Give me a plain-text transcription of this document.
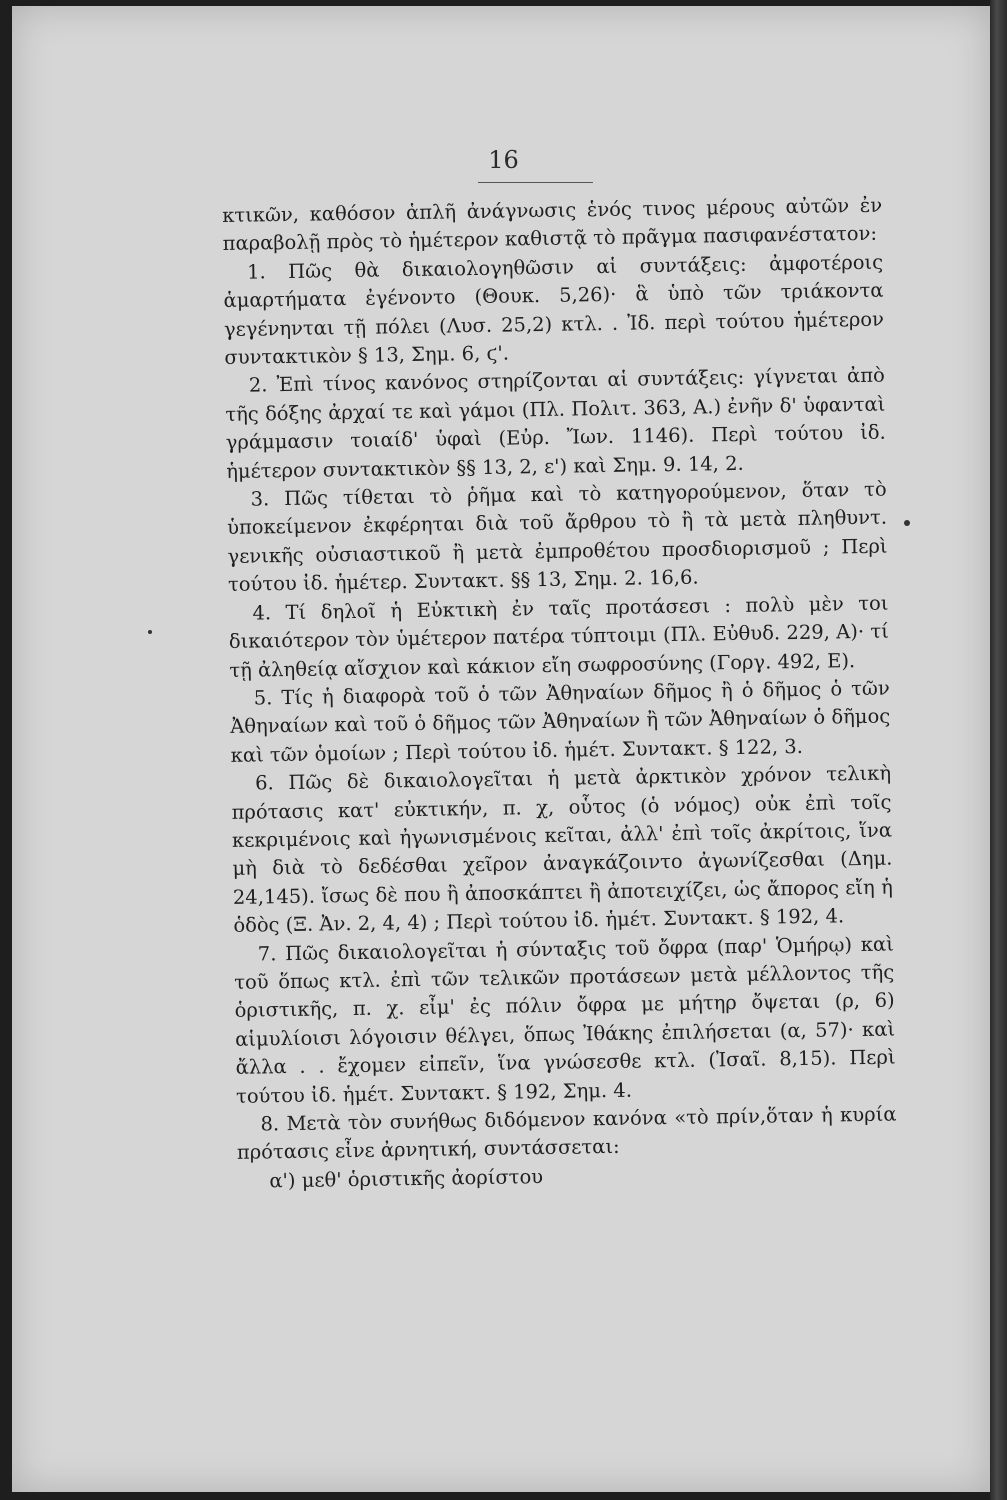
16

κτικῶν, καθόσον ἁπλῆ ἀνάγνωσις ἑνός τινος μέρους αὐτῶν ἐν παραβολῇ πρὸς τὸ ἡμέτερον καθιστᾷ τὸ πρᾶγμα πασιφανέστατον:

1. Πῶς θὰ δικαιολογηθῶσιν αἱ συντάξεις: ἀμφοτέροις ἁμαρτήματα ἐγένοντο (Θουκ. 5,26)· ἃ ὑπὸ τῶν τριάκοντα γεγένηνται τῇ πόλει (Λυσ. 25,2) κτλ. . Ἰδ. περὶ τούτου ἡμέτερον συντακτικὸν § 13, Σημ. 6, ϛ'.

2. Ἐπὶ τίνος κανόνος στηρίζονται αἱ συντάξεις: γίγνεται ἀπὸ τῆς δόξης ἀρχαί τε καὶ γάμοι (Πλ. Πολιτ. 363, Α.) ἐνῆν δ' ὑφανταὶ γράμμασιν τοιαίδ' ὑφαὶ (Εὐρ. Ἴων. 1146). Περὶ τούτου ἰδ. ἡμέτερον συντακτικὸν §§ 13, 2, ε') καὶ Σημ. 9. 14, 2.

3. Πῶς τίθεται τὸ ῥῆμα καὶ τὸ κατηγορούμενον, ὅταν τὸ ὑποκείμενον ἐκφέρηται διὰ τοῦ ἄρθρου τὸ ἢ τὰ μετὰ πληθυντ. γενικῆς οὐσιαστικοῦ ἢ μετὰ ἐμπροθέτου προσδιορισμοῦ ; Περὶ τούτου ἰδ. ἡμέτερ. Συντακτ. §§ 13, Σημ. 2. 16,6.

4. Τί δηλοῖ ἡ Εὐκτικὴ ἐν ταῖς προτάσεσι : πολὺ μὲν τοι δικαιότερον τὸν ὑμέτερον πατέρα τύπτοιμι (Πλ. Εὐθυδ. 229, Α)· τί τῇ ἀληθείᾳ αἴσχιον καὶ κάκιον εἴη σωφροσύνης (Γοργ. 492, Ε).

5. Τίς ἡ διαφορὰ τοῦ ὁ τῶν Ἀθηναίων δῆμος ἢ ὁ δῆμος ὁ τῶν Ἀθηναίων καὶ τοῦ ὁ δῆμος τῶν Ἀθηναίων ἢ τῶν Ἀθηναίων ὁ δῆμος καὶ τῶν ὁμοίων ; Περὶ τούτου ἰδ. ἡμέτ. Συντακτ. § 122, 3.

6. Πῶς δὲ δικαιολογεῖται ἡ μετὰ ἀρκτικὸν χρόνον τελικὴ πρότασις κατ' εὐκτικήν, π. χ, οὗτος (ὁ νόμος) οὐκ ἐπὶ τοῖς κεκριμένοις καὶ ἠγωνισμένοις κεῖται, ἀλλ' ἐπὶ τοῖς ἀκρίτοις, ἵνα μὴ διὰ τὸ δεδέσθαι χεῖρον ἀναγκάζοιντο ἀγωνίζεσθαι (Δημ. 24,145). ἴσως δὲ που ἢ ἀποσκάπτει ἢ ἀποτειχίζει, ὡς ἄπορος εἴη ἡ ὁδὸς (Ξ. Ἀν. 2, 4, 4) ; Περὶ τούτου ἰδ. ἡμέτ. Συντακτ. § 192, 4.

7. Πῶς δικαιολογεῖται ἡ σύνταξις τοῦ ὄφρα (παρ' Ὁμήρῳ) καὶ τοῦ ὅπως κτλ. ἐπὶ τῶν τελικῶν προτάσεων μετὰ μέλλοντος τῆς ὁριστικῆς, π. χ. εἶμ' ἐς πόλιν ὄφρα με μήτηρ ὄψεται (ρ, 6) αἱμυλίοισι λόγοισιν θέλγει, ὅπως Ἰθάκης ἐπιλήσεται (α, 57)· καὶ ἄλλα . . ἔχομεν εἰπεῖν, ἵνα γνώσεσθε κτλ. (Ἰσαῖ. 8,15). Περὶ τούτου ἰδ. ἡμέτ. Συντακτ. § 192, Σημ. 4.

8. Μετὰ τὸν συνήθως διδόμενον κανόνα «τὸ πρίν,ὅταν ἡ κυρία πρότασις εἶνε ἀρνητική, συντάσσεται:

α') μεθ' ὁριστικῆς ἀορίστου
